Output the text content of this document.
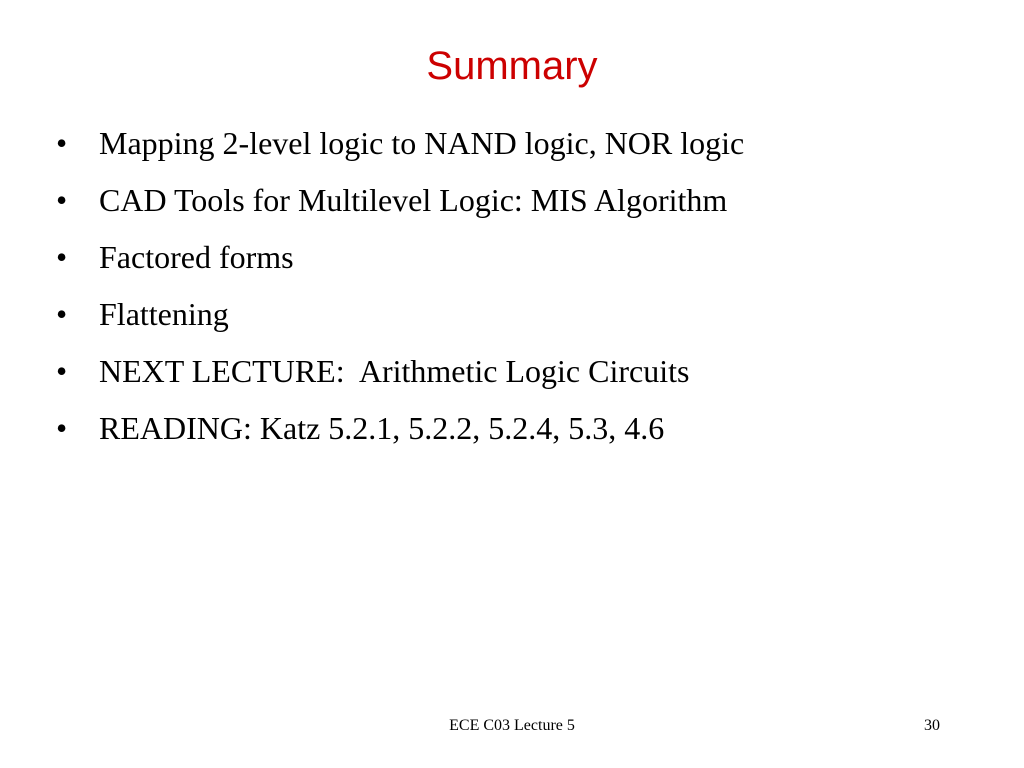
Summary
• Mapping 2-level logic to NAND logic, NOR logic
• CAD Tools for Multilevel Logic: MIS Algorithm
• Factored forms
• Flattening
• NEXT LECTURE:  Arithmetic Logic Circuits
• READING: Katz 5.2.1, 5.2.2, 5.2.4, 5.3, 4.6
ECE C03 Lecture 5	30
